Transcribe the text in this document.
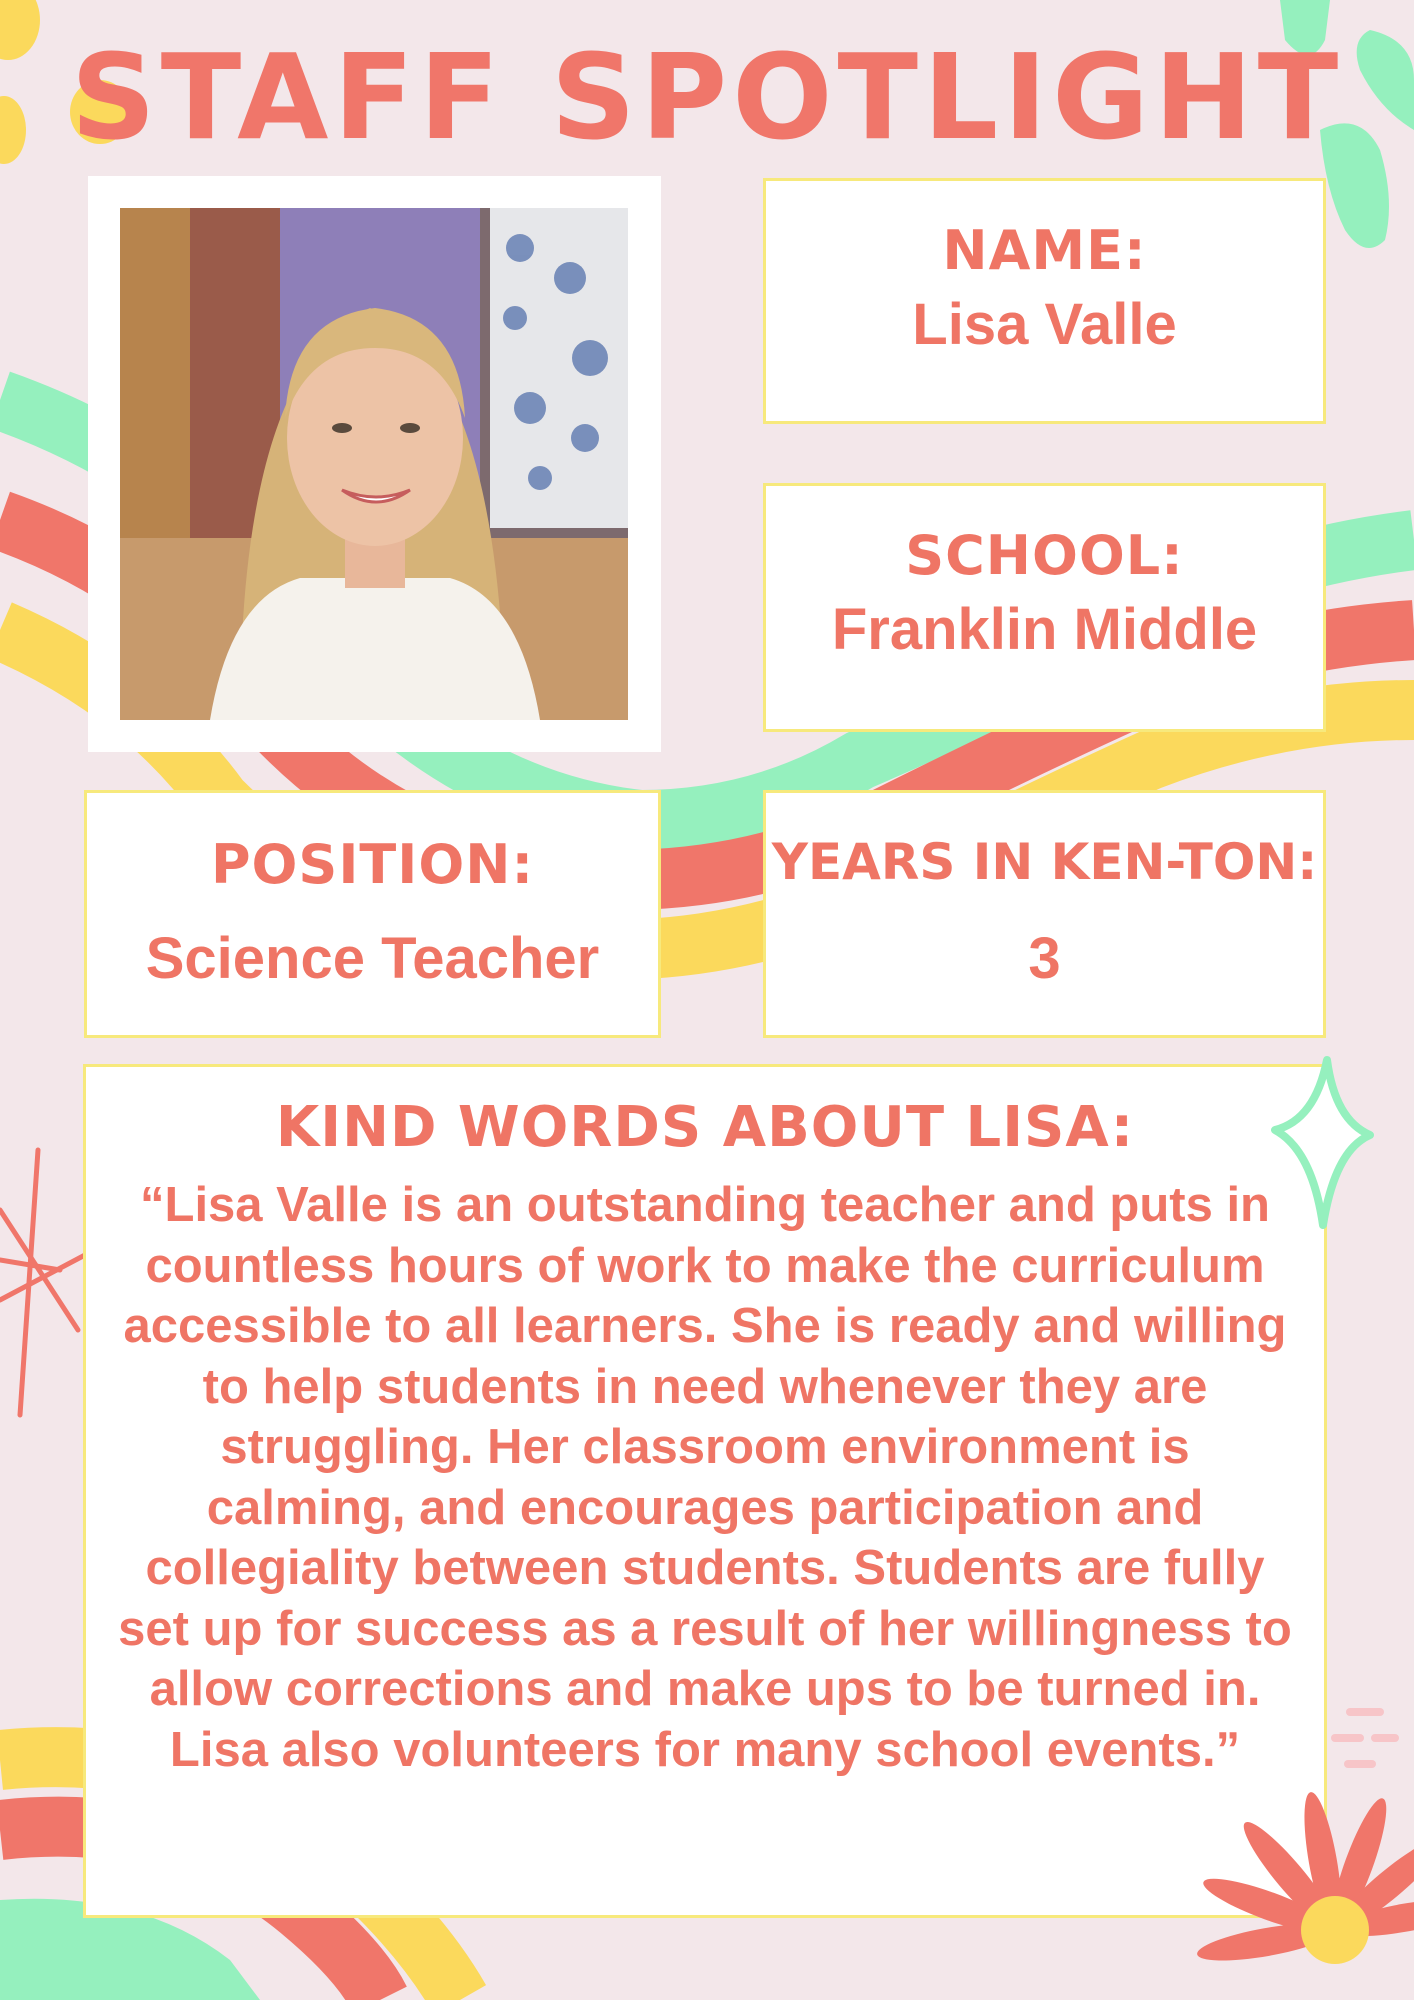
STAFF SPOTLIGHT

NAME:

Lisa Valle

SCHOOL:

Franklin Middle

POSITION:

Science Teacher

YEARS IN KEN-TON:

3

KIND WORDS ABOUT LISA:

“Lisa Valle is an outstanding teacher and puts in countless hours of work to make the curriculum accessible to all learners. She is ready and willing to help students in need whenever they are struggling. Her classroom environment is calming, and encourages participation and collegiality between students. Students are fully set up for success as a result of her willingness to allow corrections and make ups to be turned in. Lisa also volunteers for many school events.”
